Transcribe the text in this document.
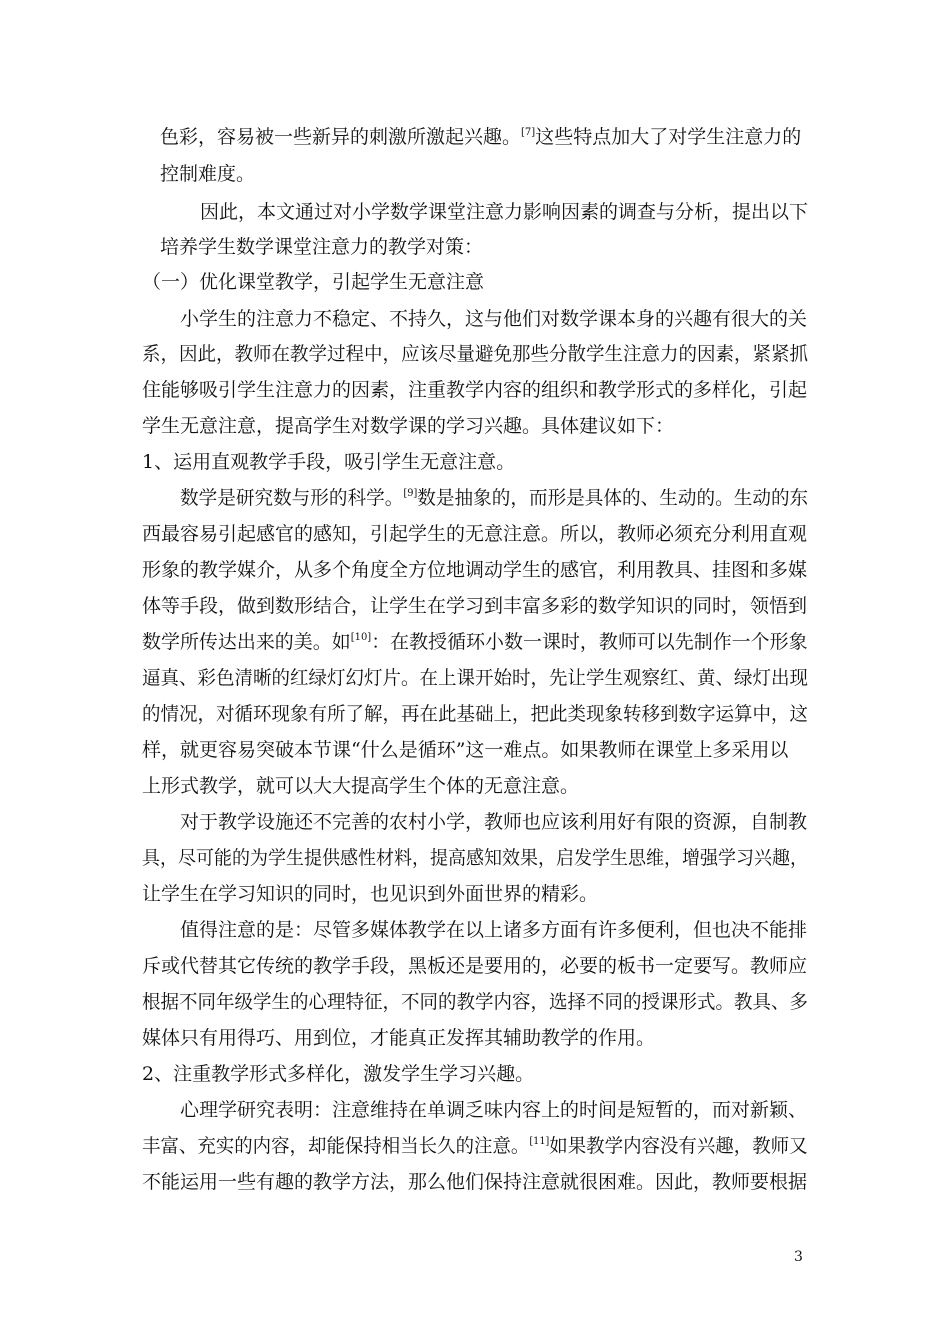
色彩，容易被一些新异的刺激所激起兴趣。[7]这些特点加大了对学生注意力的
控制难度。
因此，本文通过对小学数学课堂注意力影响因素的调查与分析，提出以下
培养学生数学课堂注意力的教学对策：
（一）优化课堂教学，引起学生无意注意
小学生的注意力不稳定、不持久，这与他们对数学课本身的兴趣有很大的关
系，因此，教师在教学过程中，应该尽量避免那些分散学生注意力的因素，紧紧抓
住能够吸引学生注意力的因素，注重教学内容的组织和教学形式的多样化，引起
学生无意注意，提高学生对数学课的学习兴趣。具体建议如下：
1、运用直观教学手段，吸引学生无意注意。
数学是研究数与形的科学。[9]数是抽象的，而形是具体的、生动的。生动的东
西最容易引起感官的感知，引起学生的无意注意。所以，教师必须充分利用直观
形象的教学媒介，从多个角度全方位地调动学生的感官，利用教具、挂图和多媒
体等手段，做到数形结合，让学生在学习到丰富多彩的数学知识的同时，领悟到
数学所传达出来的美。如[10]：在教授循环小数一课时，教师可以先制作一个形象
逼真、彩色清晰的红绿灯幻灯片。在上课开始时，先让学生观察红、黄、绿灯出现
的情况，对循环现象有所了解，再在此基础上，把此类现象转移到数字运算中，这
样，就更容易突破本节课“什么是循环”这一难点。如果教师在课堂上多采用以
上形式教学，就可以大大提高学生个体的无意注意。
对于教学设施还不完善的农村小学，教师也应该利用好有限的资源，自制教
具，尽可能的为学生提供感性材料，提高感知效果，启发学生思维，增强学习兴趣，
让学生在学习知识的同时，也见识到外面世界的精彩。
值得注意的是：尽管多媒体教学在以上诸多方面有许多便利，但也决不能排
斥或代替其它传统的教学手段，黑板还是要用的，必要的板书一定要写。教师应
根据不同年级学生的心理特征，不同的教学内容，选择不同的授课形式。教具、多
媒体只有用得巧、用到位，才能真正发挥其辅助教学的作用。
2、注重教学形式多样化，激发学生学习兴趣。
心理学研究表明：注意维持在单调乏味内容上的时间是短暂的，而对新颖、
丰富、充实的内容，却能保持相当长久的注意。[11]如果教学内容没有兴趣，教师又
不能运用一些有趣的教学方法，那么他们保持注意就很困难。因此，教师要根据
3
